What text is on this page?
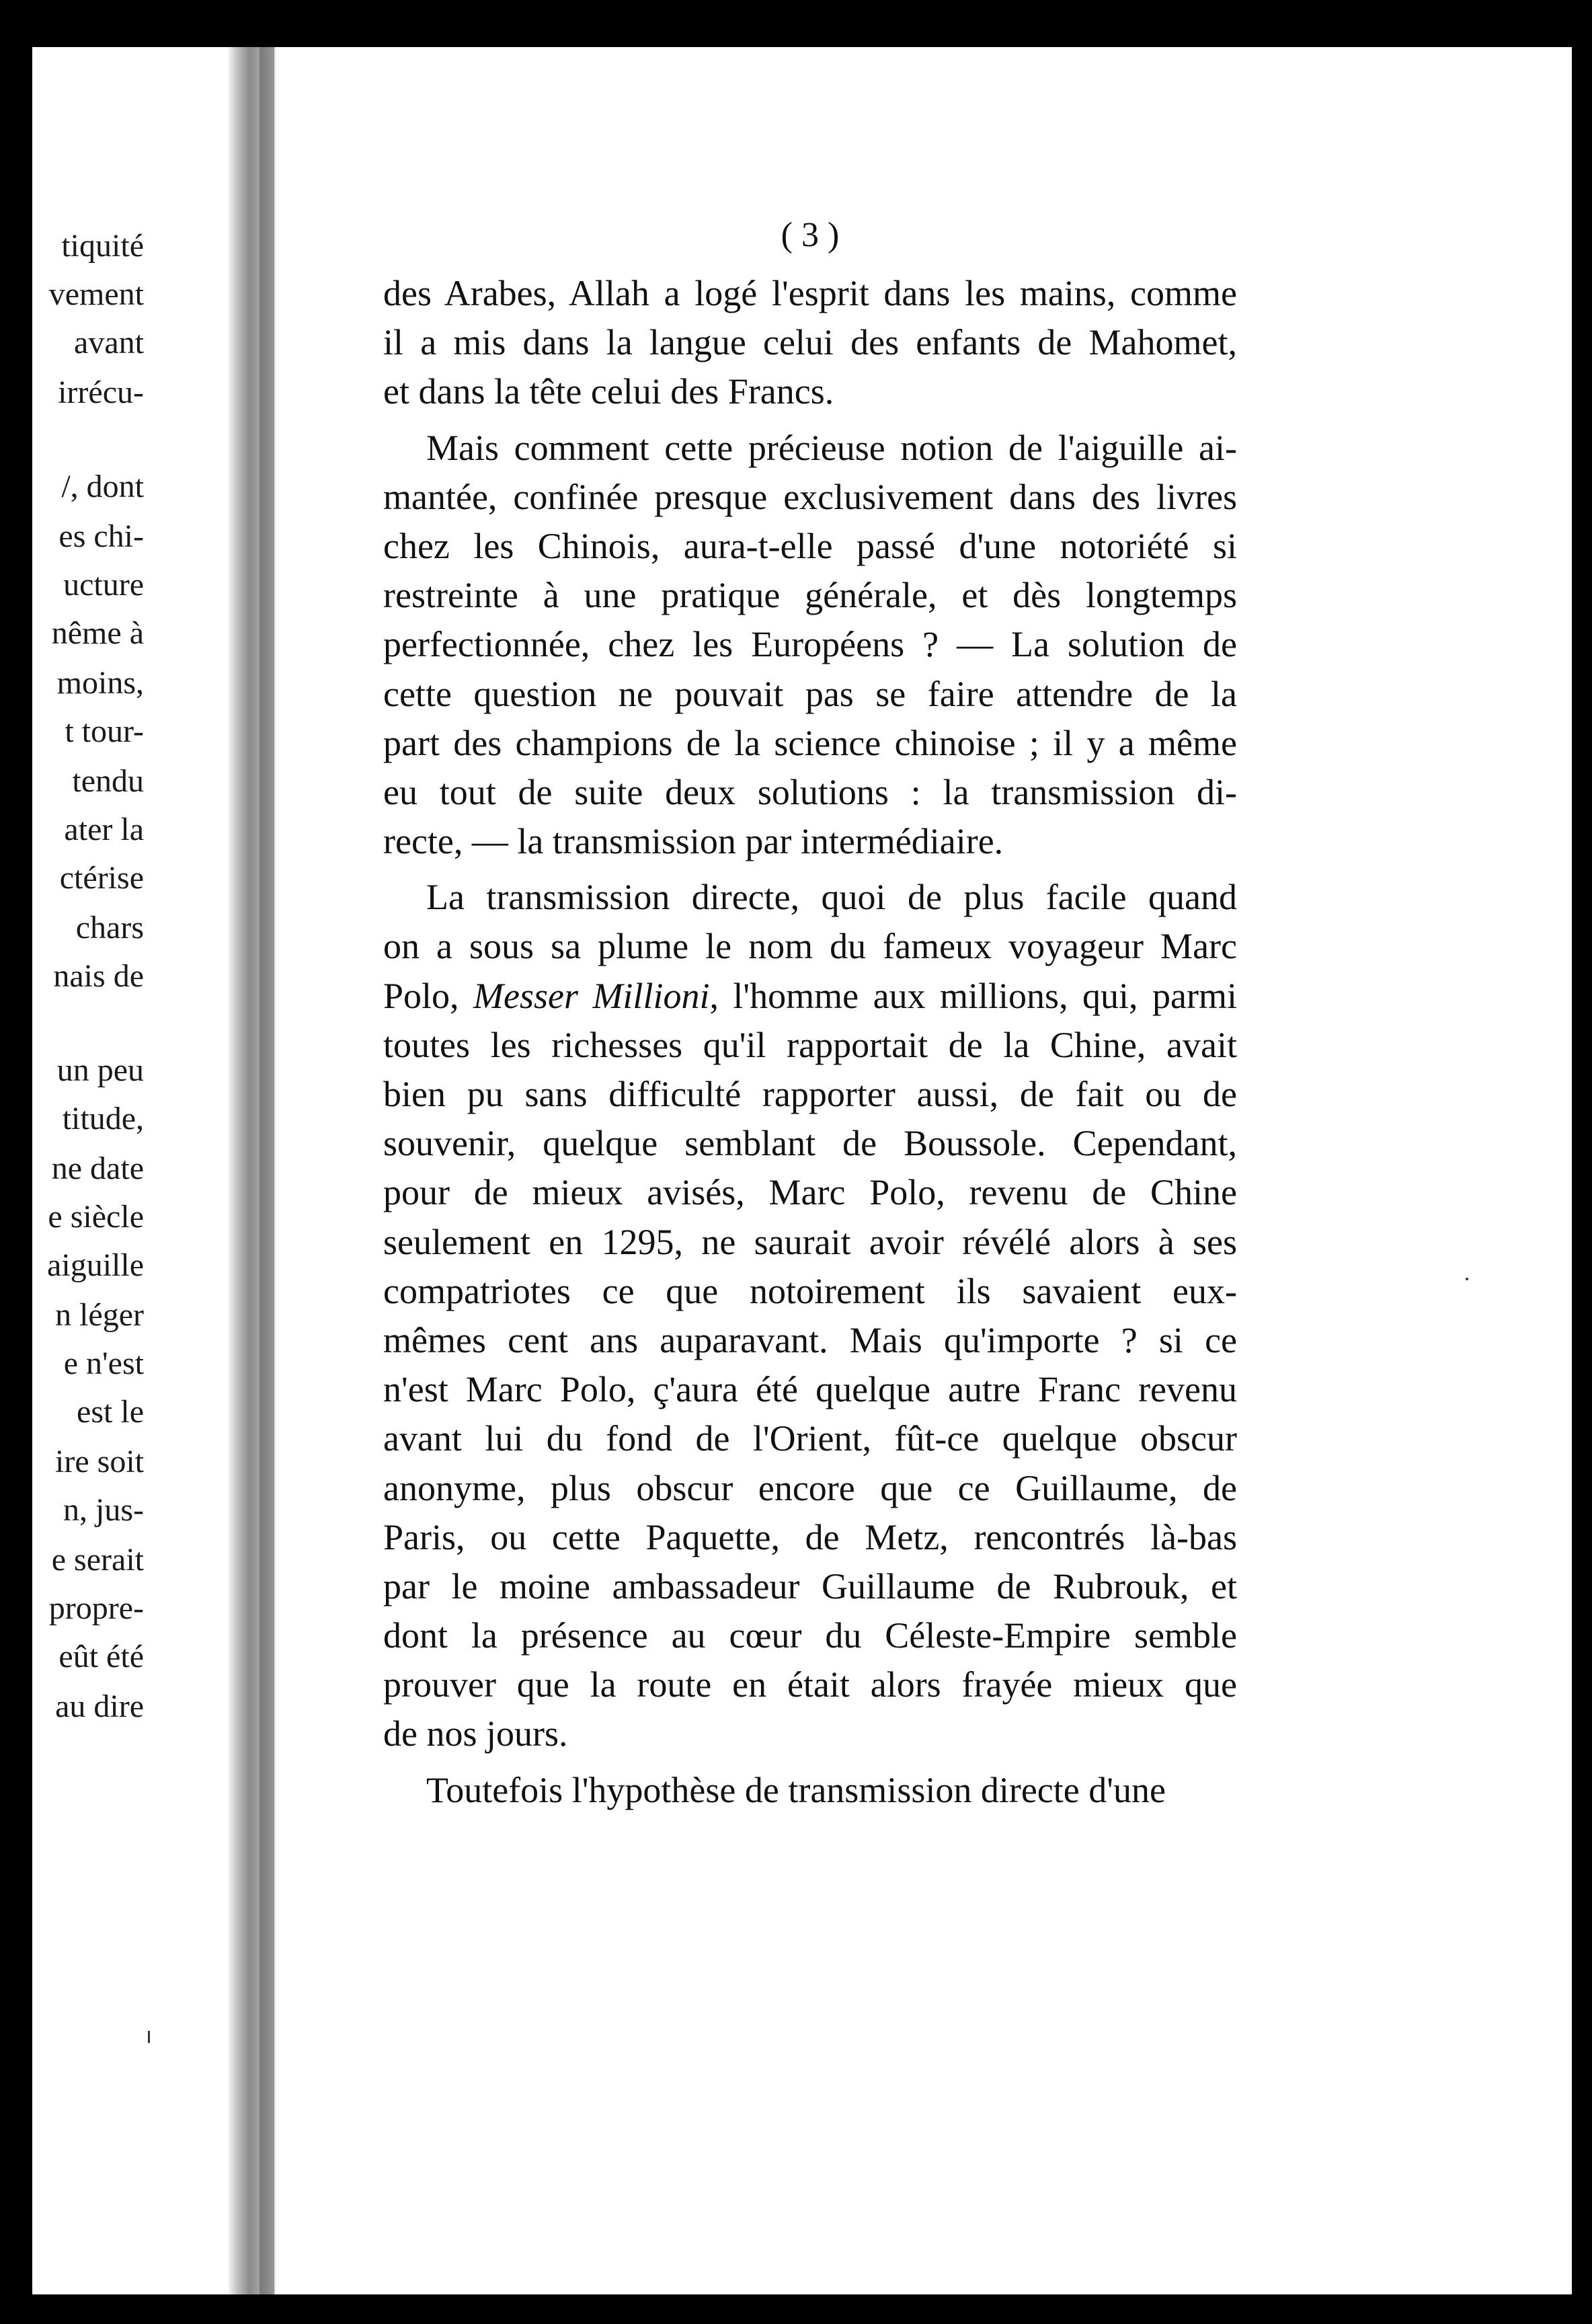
tiquité
vement
avant
irrécu-
/, dont
es chi-
ucture
nême à
moins,
t tour-
tendu
ater la
ctérise
chars
nais de
un peu
titude,
ne date
e siècle
aiguille
n léger
e n'est
est le
ire soit
n, jus-
e serait
propre-
eût été
au dire
( 3 )
des Arabes, Allah a logé l'esprit dans les mains, comme
il a mis dans la langue celui des enfants de Mahomet,
et dans la tête celui des Francs.
Mais comment cette précieuse notion de l'aiguille ai-
mantée, confinée presque exclusivement dans des livres
chez les Chinois, aura-t-elle passé d'une notoriété si
restreinte à une pratique générale, et dès longtemps
perfectionnée, chez les Européens ? — La solution de
cette question ne pouvait pas se faire attendre de la
part des champions de la science chinoise ; il y a même
eu tout de suite deux solutions : la transmission di-
recte, — la transmission par intermédiaire.
La transmission directe, quoi de plus facile quand
on a sous sa plume le nom du fameux voyageur Marc
Polo, Messer Millioni, l'homme aux millions, qui, parmi
toutes les richesses qu'il rapportait de la Chine, avait
bien pu sans difficulté rapporter aussi, de fait ou de
souvenir, quelque semblant de Boussole. Cependant,
pour de mieux avisés, Marc Polo, revenu de Chine
seulement en 1295, ne saurait avoir révélé alors à ses
compatriotes ce que notoirement ils savaient eux-
mêmes cent ans auparavant. Mais qu'importe ? si ce
n'est Marc Polo, ç'aura été quelque autre Franc revenu
avant lui du fond de l'Orient, fût-ce quelque obscur
anonyme, plus obscur encore que ce Guillaume, de
Paris, ou cette Paquette, de Metz, rencontrés là-bas
par le moine ambassadeur Guillaume de Rubrouk, et
dont la présence au cœur du Céleste-Empire semble
prouver que la route en était alors frayée mieux que
de nos jours.
Toutefois l'hypothèse de transmission directe d'une
